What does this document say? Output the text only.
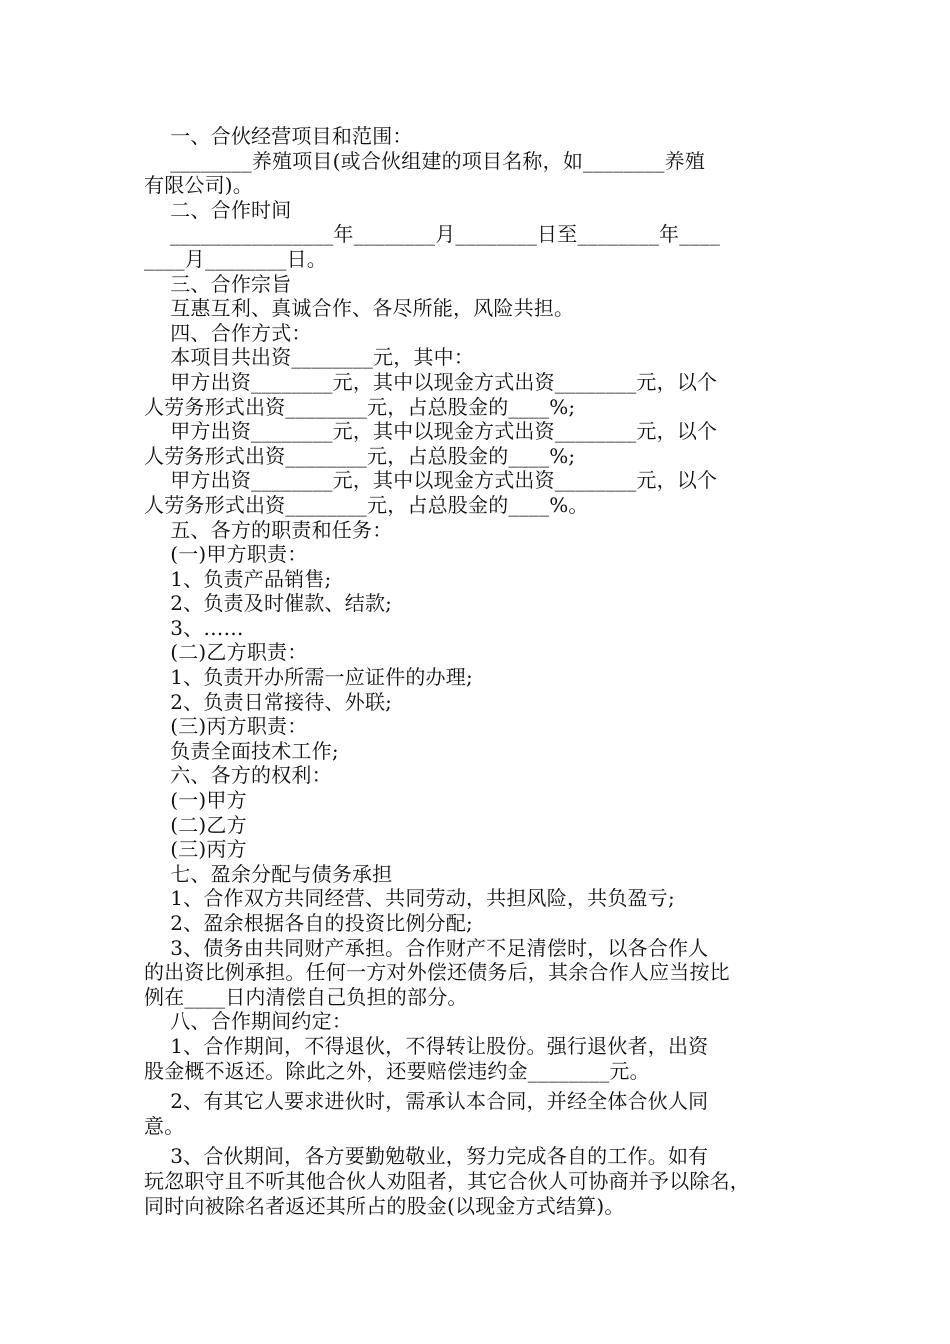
一、合伙经营项目和范围：

________养殖项目(或合伙组建的项目名称，如________养殖

有限公司)。

二、合作时间

________________年________月________日至________年____

____月________日。

三、合作宗旨

互惠互利、真诚合作、各尽所能，风险共担。

四、合作方式：

本项目共出资________元，其中：

甲方出资________元，其中以现金方式出资________元，以个

人劳务形式出资________元，占总股金的____%;

甲方出资________元，其中以现金方式出资________元，以个

人劳务形式出资________元，占总股金的____%;

甲方出资________元，其中以现金方式出资________元，以个

人劳务形式出资________元，占总股金的____%。

五、各方的职责和任务：

(一)甲方职责：

1、负责产品销售;

2、负责及时催款、结款;

3、……

(二)乙方职责：

1、负责开办所需一应证件的办理;

2、负责日常接待、外联;

(三)丙方职责：

负责全面技术工作;

六、各方的权利：

(一)甲方

(二)乙方

(三)丙方

七、盈余分配与债务承担

1、合作双方共同经营、共同劳动，共担风险，共负盈亏;

2、盈余根据各自的投资比例分配;

3、债务由共同财产承担。合作财产不足清偿时，以各合作人

的出资比例承担。任何一方对外偿还债务后，其余合作人应当按比

例在____日内清偿自己负担的部分。

八、合作期间约定：

1、合作期间，不得退伙，不得转让股份。强行退伙者，出资

股金概不返还。除此之外，还要赔偿违约金________元。

2、有其它人要求进伙时，需承认本合同，并经全体合伙人同

意。

3、合伙期间，各方要勤勉敬业，努力完成各自的工作。如有

玩忽职守且不听其他合伙人劝阻者，其它合伙人可协商并予以除名，

同时向被除名者返还其所占的股金(以现金方式结算)。
